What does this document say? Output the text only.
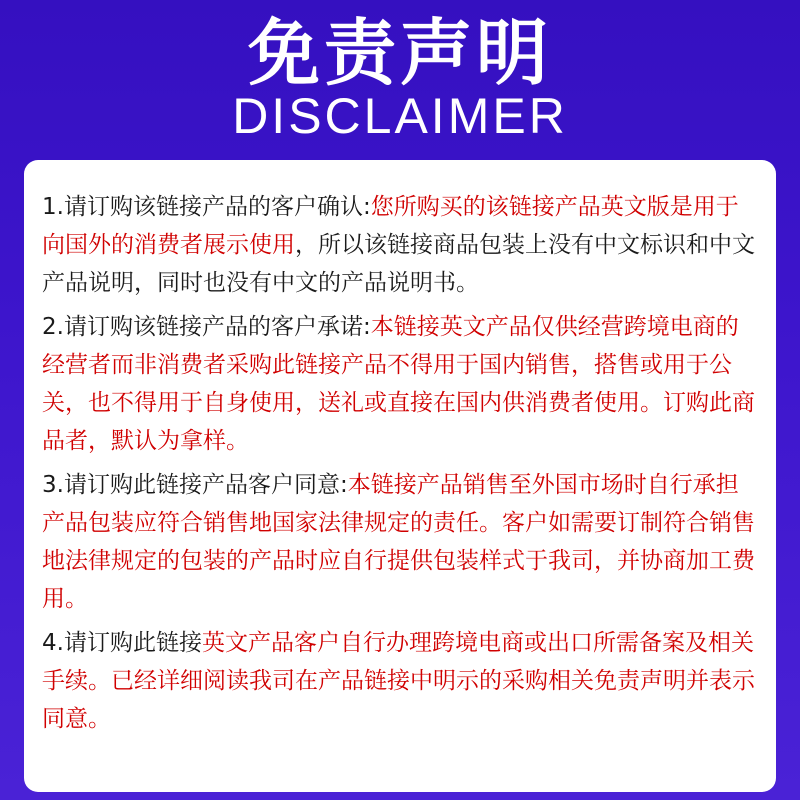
免责声明
DISCLAIMER

1.请订购该链接产品的客户确认:您所购买的该链接产品英文版是用于向国外的消费者展示使用，所以该链接商品包装上没有中文标识和中文产品说明，同时也没有中文的产品说明书。

2.请订购该链接产品的客户承诺:本链接英文产品仅供经营跨境电商的经营者而非消费者采购此链接产品不得用于国内销售，搭售或用于公关，也不得用于自身使用，送礼或直接在国内供消费者使用。订购此商品者，默认为拿样。

3.请订购此链接产品客户同意:本链接产品销售至外国市场时自行承担产品包装应符合销售地国家法律规定的责任。客户如需要订制符合销售地法律规定的包装的产品时应自行提供包装样式于我司，并协商加工费用。

4.请订购此链接英文产品客户自行办理跨境电商或出口所需备案及相关手续。已经详细阅读我司在产品链接中明示的采购相关免责声明并表示同意。
